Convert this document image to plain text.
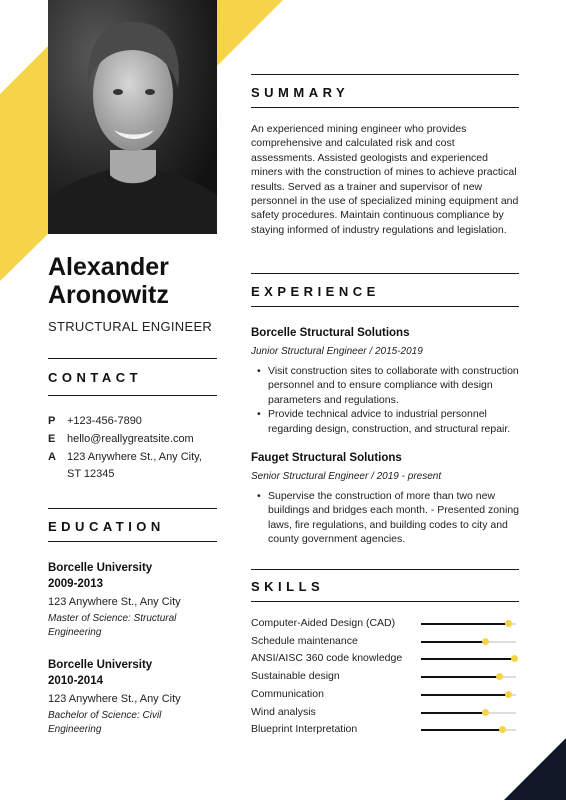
Alexander
Aronowitz
STRUCTURAL ENGINEER
CONTACT
P	+123-456-7890
E	hello@reallygreatsite.com
A	123 Anywhere St., Any City,
ST 12345
EDUCATION
Borcelle University
2009-2013
123 Anywhere St., Any City
Master of Science: Structural Engineering
Borcelle University
2010-2014
123 Anywhere St., Any City
Bachelor of Science: Civil Engineering
SUMMARY
An experienced mining engineer who provides comprehensive and calculated risk and cost assessments. Assisted geologists and experienced miners with the construction of mines to achieve practical results. Served as a trainer and supervisor of new personnel in the use of specialized mining equipment and safety procedures. Maintain continuous compliance by staying informed of industry regulations and legislation.
EXPERIENCE
Borcelle Structural Solutions
Junior Structural Engineer / 2015-2019
• Visit construction sites to collaborate with construction personnel and to ensure compliance with design parameters and regulations.
• Provide technical advice to industrial personnel regarding design, construction, and structural repair.
Fauget Structural Solutions
Senior Structural Engineer / 2019 - present
• Supervise the construction of more than two new buildings and bridges each month. - Presented zoning laws, fire regulations, and building codes to city and county government agencies.
SKILLS
Computer-Aided Design (CAD)
Schedule maintenance
ANSI/AISC 360 code knowledge
Sustainable design
Communication
Wind analysis
Blueprint Interpretation
